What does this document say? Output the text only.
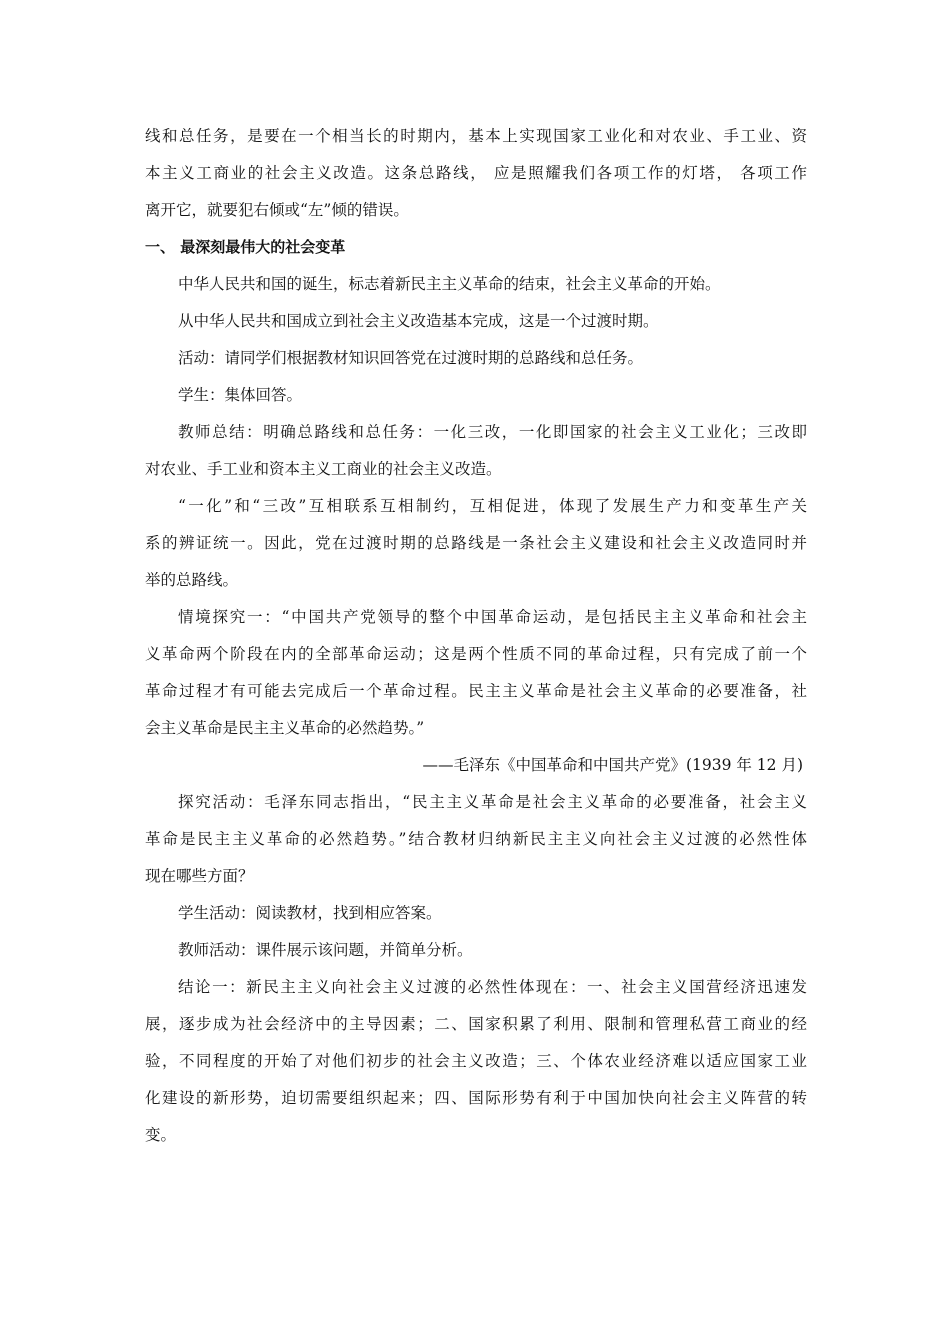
线和总任务，是要在一个相当长的时期内，基本上实现国家工业化和对农业、手工业、资
本主义工商业的社会主义改造。这条总路线， 应是照耀我们各项工作的灯塔， 各项工作
离开它，就要犯右倾或“左”倾的错误。
一、 最深刻最伟大的社会变革
中华人民共和国的诞生，标志着新民主主义革命的结束，社会主义革命的开始。
从中华人民共和国成立到社会主义改造基本完成，这是一个过渡时期。
活动：请同学们根据教材知识回答党在过渡时期的总路线和总任务。
学生：集体回答。
教师总结：明确总路线和总任务：一化三改，一化即国家的社会主义工业化；三改即
对农业、手工业和资本主义工商业的社会主义改造。
“一化”和“三改”互相联系互相制约，互相促进，体现了发展生产力和变革生产关
系的辨证统一。因此，党在过渡时期的总路线是一条社会主义建设和社会主义改造同时并
举的总路线。
情境探究一：“中国共产党领导的整个中国革命运动，是包括民主主义革命和社会主
义革命两个阶段在内的全部革命运动；这是两个性质不同的革命过程，只有完成了前一个
革命过程才有可能去完成后一个革命过程。民主主义革命是社会主义革命的必要准备，社
会主义革命是民主主义革命的必然趋势。”
——毛泽东《中国革命和中国共产党》(1939 年 12 月)
探究活动：毛泽东同志指出，“民主主义革命是社会主义革命的必要准备，社会主义
革命是民主主义革命的必然趋势。”结合教材归纳新民主主义向社会主义过渡的必然性体
现在哪些方面？
学生活动：阅读教材，找到相应答案。
教师活动：课件展示该问题，并简单分析。
结论一：新民主主义向社会主义过渡的必然性体现在：一、社会主义国营经济迅速发
展，逐步成为社会经济中的主导因素；二、国家积累了利用、限制和管理私营工商业的经
验，不同程度的开始了对他们初步的社会主义改造；三、个体农业经济难以适应国家工业
化建设的新形势，迫切需要组织起来；四、国际形势有利于中国加快向社会主义阵营的转
变。
